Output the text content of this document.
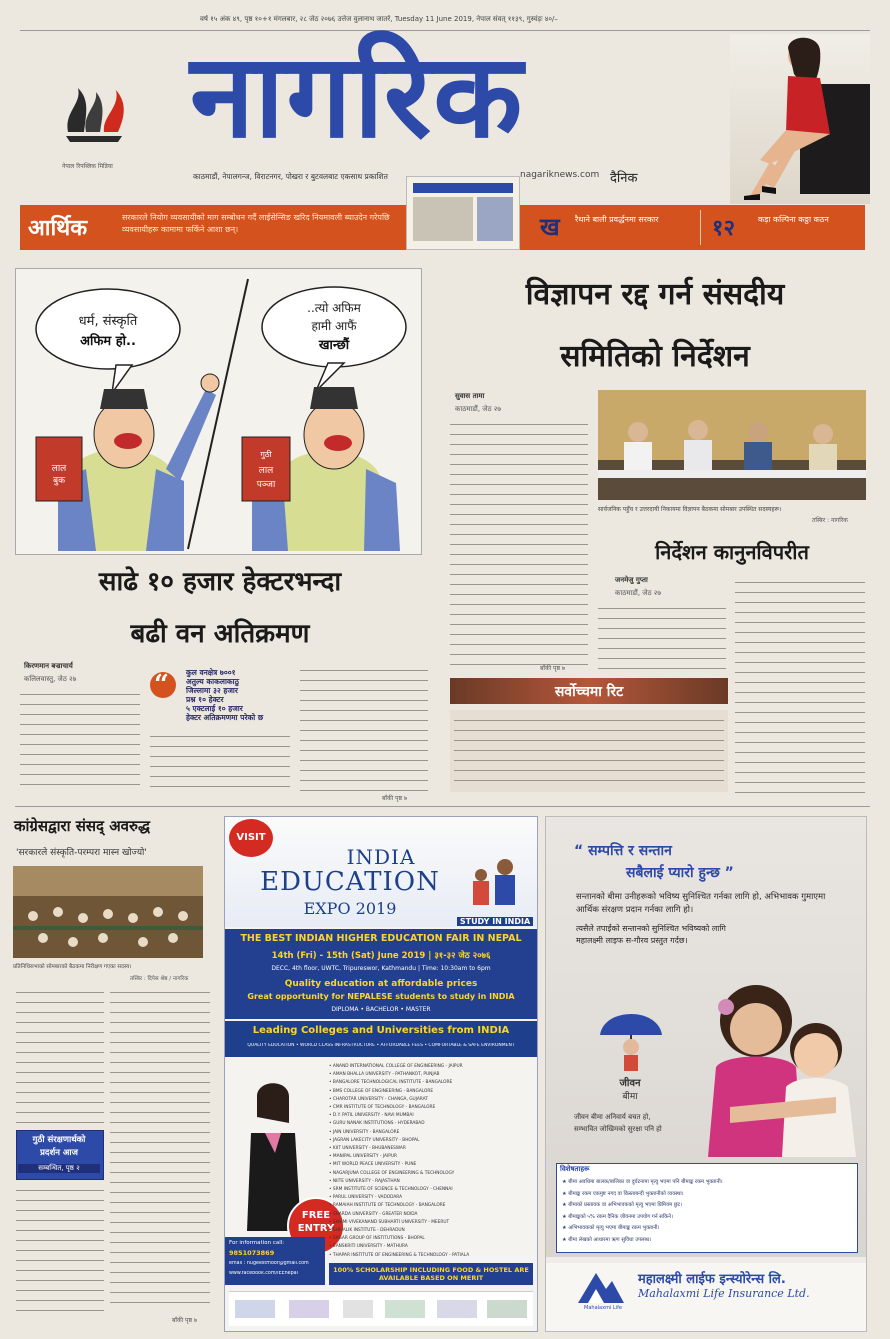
वर्ष १५ अंक ४९, पृष्ठ १०+१ मंगलबार, २८ जेठ २०७६ उत्तेज वुलानाथ जातर्र, Tuesday 11 June 2019, नेपाल संवत् ११३९, गुस्वंड़ः ४०/–
नेपाल रिपब्लिक मिडिया
नागरिक
काठमाडौं, नेपालगन्ज, विराटनगर, पोखरा र बुटवलबाट एकसाथ प्रकाशित	nagariknews.com दैनिक
आर्थिक	सरकारले नियोग व्यवसायीको माग सम्बोधन गर्दै लाईसेन्सिङ खरिद नियमावली ब्याउदेन गरेपछि व्यवसायीहरू कामामा फर्किने आशा छन्।	ख रैथाने बाली प्रवर्द्धनमा सरकार	१२	कड़ा कल्पिना कठ्ठा कठन
धर्म, संस्कृति
अफिम हो..
..त्यो अफिम
हामी आफैं
खान्छौं
लाल
बुक
गुठी
लाल
पञ्जा
विज्ञापन रद्द गर्न संसदीय
समितिको निर्देशन
सुवास तामा
काठमाडौं, जेठ २७
बाँकी पृष्ठ ७
सार्वजनिक पहुँच र उत्तरदायी निकायमा विज्ञापन बैठकमा सोमबार उपस्थित सदस्यहरू।
तस्बिर : नागरिक
निर्देशन कानुनविपरीत
जनमेजु गुप्ता
काठमाडौं, जेठ २७
सर्वोच्चमा रिट
साढे १० हजार हेक्टरभन्दा
बढी वन अतिक्रमण
किरणमान बज्राचार्य
कलिलवास्तु, जेठ २७	“ कुल वनक्षेत्र ७००१
अतुल्य काकलाकाठु
जिल्लामा ३२ हजार
प्रश्न १० हेक्टर
५ एक्टलाई १० हजार
हेक्टर अतिक्रमणमा परेको छ
बाँकी पृष्ठ ७
कांग्रेसद्वारा संसद् अवरुद्ध
'सरकारले संस्कृति-परम्परा मास्न खोज्यो'
प्रतिनिधिसभाको सोमबारको बैठकमा निरीक्षण गएका सदस्य।
तस्बिर : दिपेस श्रेष्ठ / नागरिक
गुठी संरक्षणार्थको
प्रदर्शन आज
सम्बन्धित, पृष्ठ २
बाँकी पृष्ठ ७
VISIT
INDIA
EDUCATION
EXPO 2019
STUDY IN INDIA
THE BEST INDIAN HIGHER EDUCATION FAIR IN NEPAL
14th (Fri) - 15th (Sat) June 2019 | ३१-३२ जेठ २०७६
DECC, 4th floor, UWTC, Tripureswor, Kathmandu | Time: 10:30am to 6pm
Quality education at affordable prices
Great opportunity for NEPALESE students to study in INDIA
DIPLOMA • BACHELOR • MASTER
Leading Colleges and Universities from INDIA
QUALITY EDUCATION • WORLD CLASS INFRASTRUCTURE • AFFORDABLE FEES • COMFORTABLE & SAFE ENVIRONMENT
FREE
ENTRY
• ANAND INTERNATIONAL COLLEGE OF ENGINEERING - JAIPUR
• AMAN BHALLA UNIVERSITY - PATHANKOT, PUNJAB
• BANGALORE TECHNOLOGICAL INSTITUTE - BANGALORE
• BMS COLLEGE OF ENGINEERING - BANGALORE
• CHAROTAR UNIVERSITY - CHANGA, GUJARAT
• CMR INSTITUTE OF TECHNOLOGY - BANGALORE
• D.Y. PATIL UNIVERSITY - NAVI MUMBAI
• GURU NANAK INSTITUTIONS - HYDERABAD
• JAIN UNIVERSITY - BANGALORE
• JAGRAN LAKECITY UNIVERSITY - BHOPAL
• KIIT UNIVERSITY - BHUBANESWAR
• MANIPAL UNIVERSITY - JAIPUR
• MIT WORLD PEACE UNIVERSITY - PUNE
• NAGARJUNA COLLEGE OF ENGINEERING & TECHNOLOGY
• NIITE UNIVERSITY - RAJASTHAN
• SRM INSTITUTE OF SCIENCE & TECHNOLOGY - CHENNAI
• PARUL UNIVERSITY - VADODARA
• RAMAIAH INSTITUTE OF TECHNOLOGY - BANGALORE
• SHARDA UNIVERSITY - GREATER NOIDA
• SWAMI VIVEKANAND SUBHARTI UNIVERSITY - MEERUT
• SHIVALIK INSTITUTE - DEHRADUN
• SAGAR GROUP OF INSTITUTIONS - BHOPAL
• SANSKRITI UNIVERSITY - MATHURA
• THAPAR INSTITUTE OF ENGINEERING & TECHNOLOGY - PATIALA
For information call:
9851073869
email : hugeestmoor@gmail.com
www.facebook.com/IEEnepal	100% SCHOLARSHIP INCLUDING FOOD & HOSTEL ARE AVAILABLE BASED ON MERIT
“ सम्पत्ति र सन्तान
सबैलाई प्यारो हुन्छ ”
सन्तानको बीमा उनीहरूको भविष्य सुनिश्चित गर्नका लागि हो, अभिभावक गुमाएमा आर्थिक संरक्षण प्रदान गर्नका लागि हो।
त्यसैले तपाईंको सन्तानको सुनिश्चित भविष्यको लागि महालक्ष्मी लाइफ स-गौरव प्रस्तुत गर्दछ।
जीवन
बीमा
जीवन बीमा अनिवार्य बचत हो,
सम्भावित जोखिमको सुरक्षा पनि हो
विशेषताहरू
★ बीमा अवधिमा बालक/बालिका वा दुर्घटनामा मृत्यु भएमा पनि बीमाङ्क रकम भुक्तानी।
★ बीमाङ्क रकम एकमुष्ट नगद वा किस्ताबन्दी भुक्तानीको व्यवस्था।
★ बीमाको प्रस्तावक वा अभिभावकको मृत्यु भएमा प्रिमियम छुट।
★ बीमाङ्कको ५% रकम दैनिक जीवनमा उपयोग गर्न सकिने।
★ अभिभावकको मृत्यु भएमा बीमाङ्क रकम भुक्तानी।
★ बीमा लेखको आधारमा ऋण सुविधा उपलब्ध।
Mahalaxmi Life
महालक्ष्मी लाईफ इन्स्योरेन्स लि.
Mahalaxmi Life Insurance Ltd.
